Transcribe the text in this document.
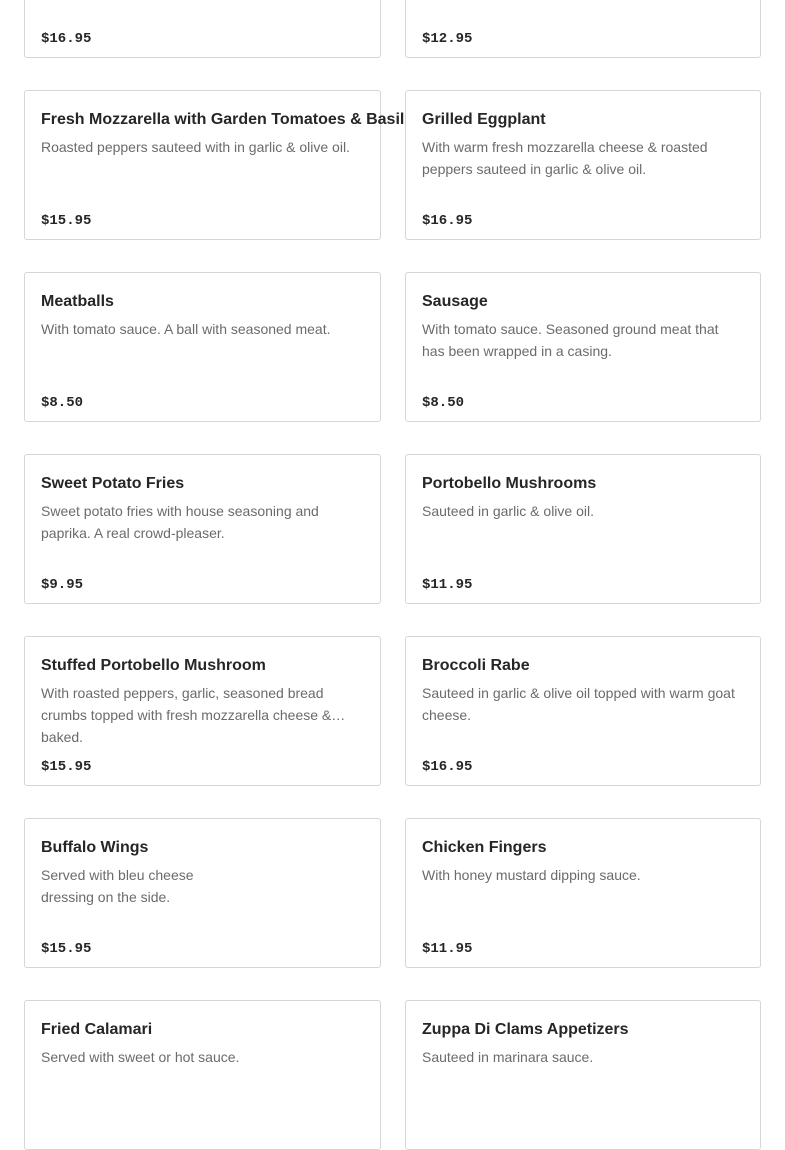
$16.95	$12.95
Fresh Mozzarella with Garden Tomatoes & Basil
Roasted peppers sauteed with in garlic & olive oil.
$15.95
Grilled Eggplant
With warm fresh mozzarella cheese & roasted peppers sauteed in garlic & olive oil.
$16.95
Meatballs
With tomato sauce. A ball with seasoned meat.
$8.50
Sausage
With tomato sauce. Seasoned ground meat that has been wrapped in a casing.
$8.50
Sweet Potato Fries
Sweet potato fries with house seasoning and paprika. A real crowd-pleaser.
$9.95
Portobello Mushrooms
Sauteed in garlic & olive oil.
$11.95
Stuffed Portobello Mushroom
With roasted peppers, garlic, seasoned bread crumbs topped with fresh mozzarella cheese & baked.
$15.95
Broccoli Rabe
Sauteed in garlic & olive oil topped with warm goat cheese.
$16.95
Buffalo Wings
Served with bleu cheese dressing on the side.
$15.95
Chicken Fingers
With honey mustard dipping sauce.
$11.95
Fried Calamari
Served with sweet or hot sauce.
Zuppa Di Clams Appetizers
Sauteed in marinara sauce.
